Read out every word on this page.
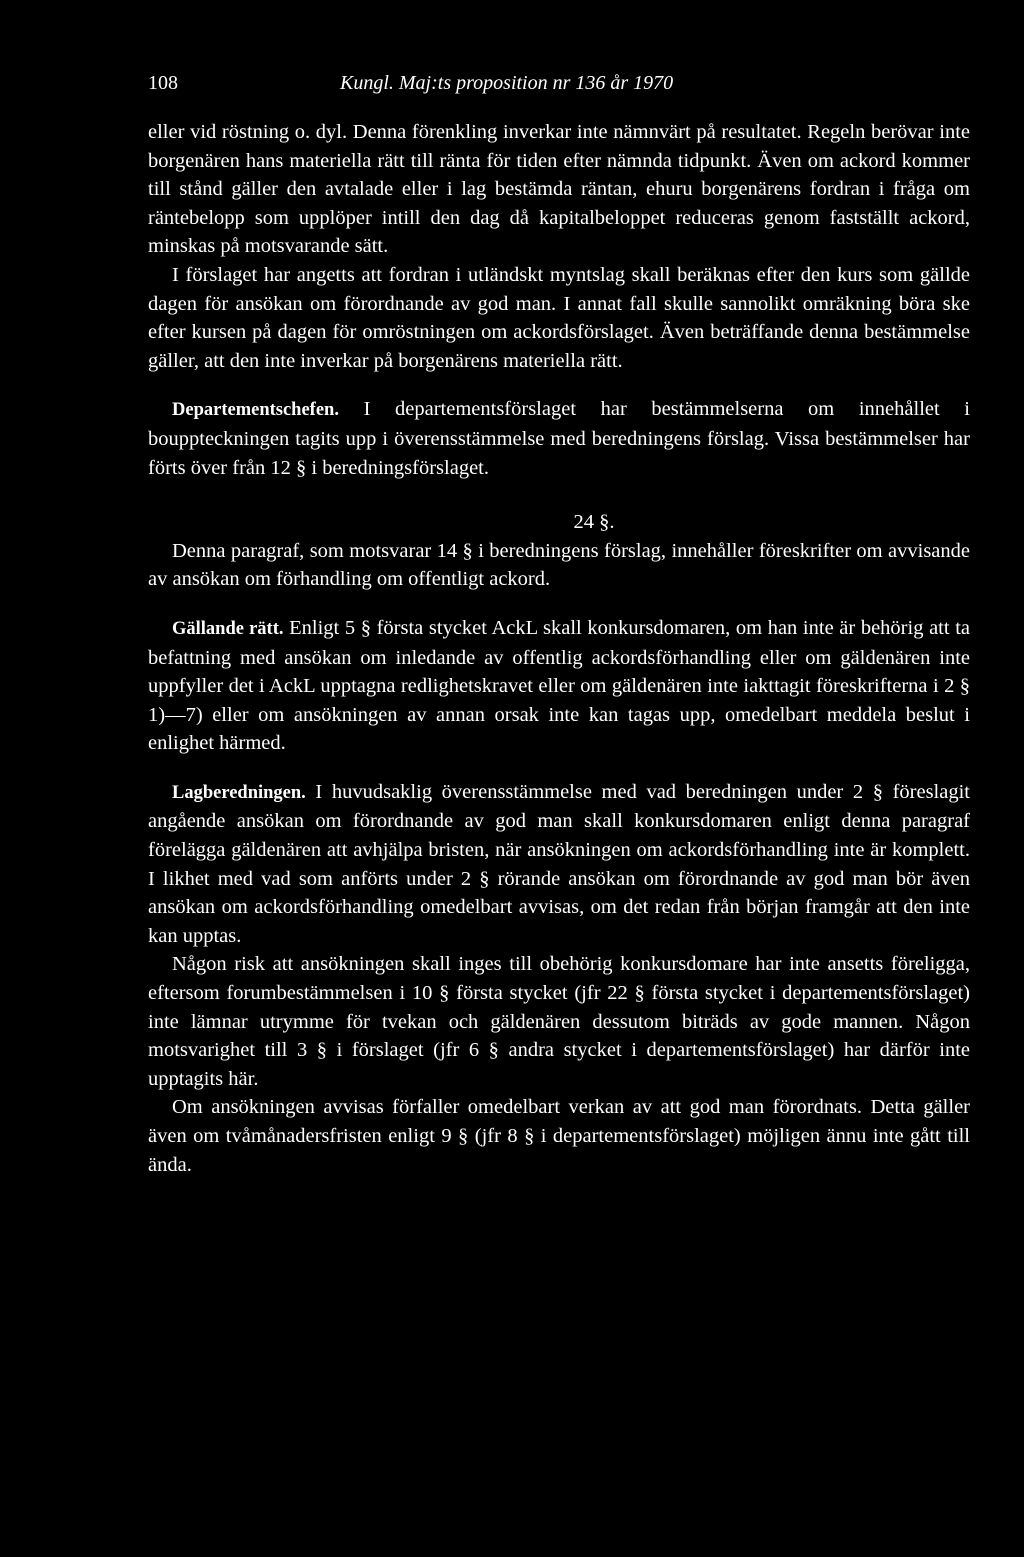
108	Kungl. Maj:ts proposition nr 136 år 1970

eller vid röstning o. dyl. Denna förenkling inverkar inte nämnvärt på resultatet. Regeln berövar inte borgenären hans materiella rätt till ränta för tiden efter nämnda tidpunkt. Även om ackord kommer till stånd gäller den avtalade eller i lag bestämda räntan, ehuru borgenärens fordran i fråga om räntebelopp som upplöper intill den dag då kapitalbeloppet reduceras genom fastställt ackord, minskas på motsvarande sätt.

I förslaget har angetts att fordran i utländskt myntslag skall beräknas efter den kurs som gällde dagen för ansökan om förordnande av god man. I annat fall skulle sannolikt omräkning böra ske efter kursen på dagen för omröstningen om ackordsförslaget. Även beträffande denna bestämmelse gäller, att den inte inverkar på borgenärens materiella rätt.

Departementschefen. I departementsförslaget har bestämmelserna om innehållet i bouppteckningen tagits upp i överensstämmelse med beredningens förslag. Vissa bestämmelser har förts över från 12 § i beredningsförslaget.

24 §.

Denna paragraf, som motsvarar 14 § i beredningens förslag, innehåller föreskrifter om avvisande av ansökan om förhandling om offentligt ackord.

Gällande rätt. Enligt 5 § första stycket AckL skall konkursdomaren, om han inte är behörig att ta befattning med ansökan om inledande av offentlig ackordsförhandling eller om gäldenären inte uppfyller det i AckL upptagna redlighetskravet eller om gäldenären inte iakttagit föreskrifterna i 2 § 1)—7) eller om ansökningen av annan orsak inte kan tagas upp, omedelbart meddela beslut i enlighet härmed.

Lagberedningen. I huvudsaklig överensstämmelse med vad beredningen under 2 § föreslagit angående ansökan om förordnande av god man skall konkursdomaren enligt denna paragraf förelägga gäldenären att avhjälpa bristen, när ansökningen om ackordsförhandling inte är komplett. I likhet med vad som anförts under 2 § rörande ansökan om förordnande av god man bör även ansökan om ackordsförhandling omedelbart avvisas, om det redan från början framgår att den inte kan upptas.

Någon risk att ansökningen skall inges till obehörig konkursdomare har inte ansetts föreligga, eftersom forumbestämmelsen i 10 § första stycket (jfr 22 § första stycket i departementsförslaget) inte lämnar utrymme för tvekan och gäldenären dessutom biträds av gode mannen. Någon motsvarighet till 3 § i förslaget (jfr 6 § andra stycket i departementsförslaget) har därför inte upptagits här.

Om ansökningen avvisas förfaller omedelbart verkan av att god man förordnats. Detta gäller även om tvåmånadersfristen enligt 9 § (jfr 8 § i departementsförslaget) möjligen ännu inte gått till ända.
